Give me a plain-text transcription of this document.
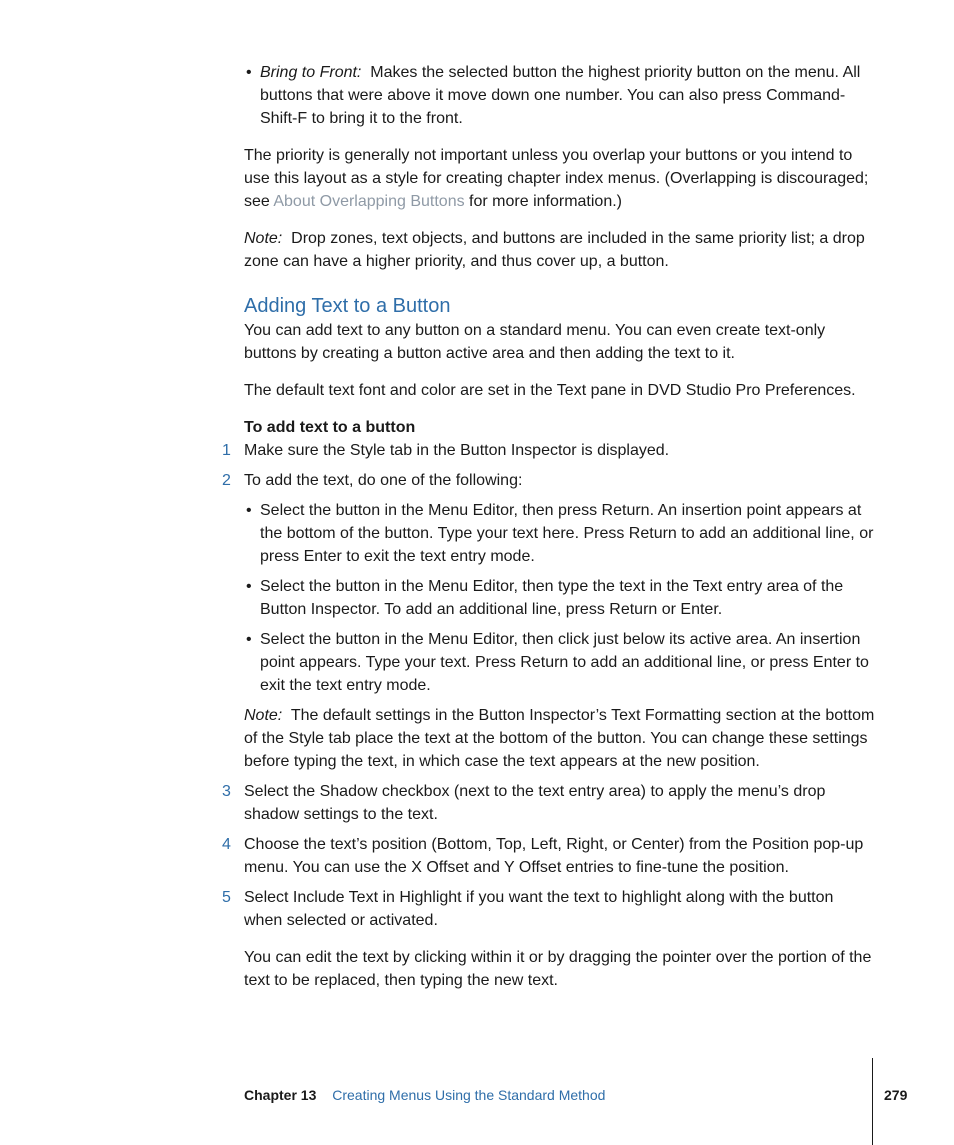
• Bring to Front: Makes the selected button the highest priority button on the menu. All buttons that were above it move down one number. You can also press Command-Shift-F to bring it to the front.

The priority is generally not important unless you overlap your buttons or you intend to use this layout as a style for creating chapter index menus. (Overlapping is discouraged; see About Overlapping Buttons for more information.)

Note: Drop zones, text objects, and buttons are included in the same priority list; a drop zone can have a higher priority, and thus cover up, a button.

Adding Text to a Button

You can add text to any button on a standard menu. You can even create text-only buttons by creating a button active area and then adding the text to it.

The default text font and color are set in the Text pane in DVD Studio Pro Preferences.

To add text to a button

1 Make sure the Style tab in the Button Inspector is displayed.
2 To add the text, do one of the following:
• Select the button in the Menu Editor, then press Return. An insertion point appears at the bottom of the button. Type your text here. Press Return to add an additional line, or press Enter to exit the text entry mode.
• Select the button in the Menu Editor, then type the text in the Text entry area of the Button Inspector. To add an additional line, press Return or Enter.
• Select the button in the Menu Editor, then click just below its active area. An insertion point appears. Type your text. Press Return to add an additional line, or press Enter to exit the text entry mode.

Note: The default settings in the Button Inspector’s Text Formatting section at the bottom of the Style tab place the text at the bottom of the button. You can change these settings before typing the text, in which case the text appears at the new position.

3 Select the Shadow checkbox (next to the text entry area) to apply the menu’s drop shadow settings to the text.
4 Choose the text’s position (Bottom, Top, Left, Right, or Center) from the Position pop-up menu. You can use the X Offset and Y Offset entries to fine-tune the position.
5 Select Include Text in Highlight if you want the text to highlight along with the button when selected or activated.

You can edit the text by clicking within it or by dragging the pointer over the portion of the text to be replaced, then typing the new text.

Chapter 13 Creating Menus Using the Standard Method	279
